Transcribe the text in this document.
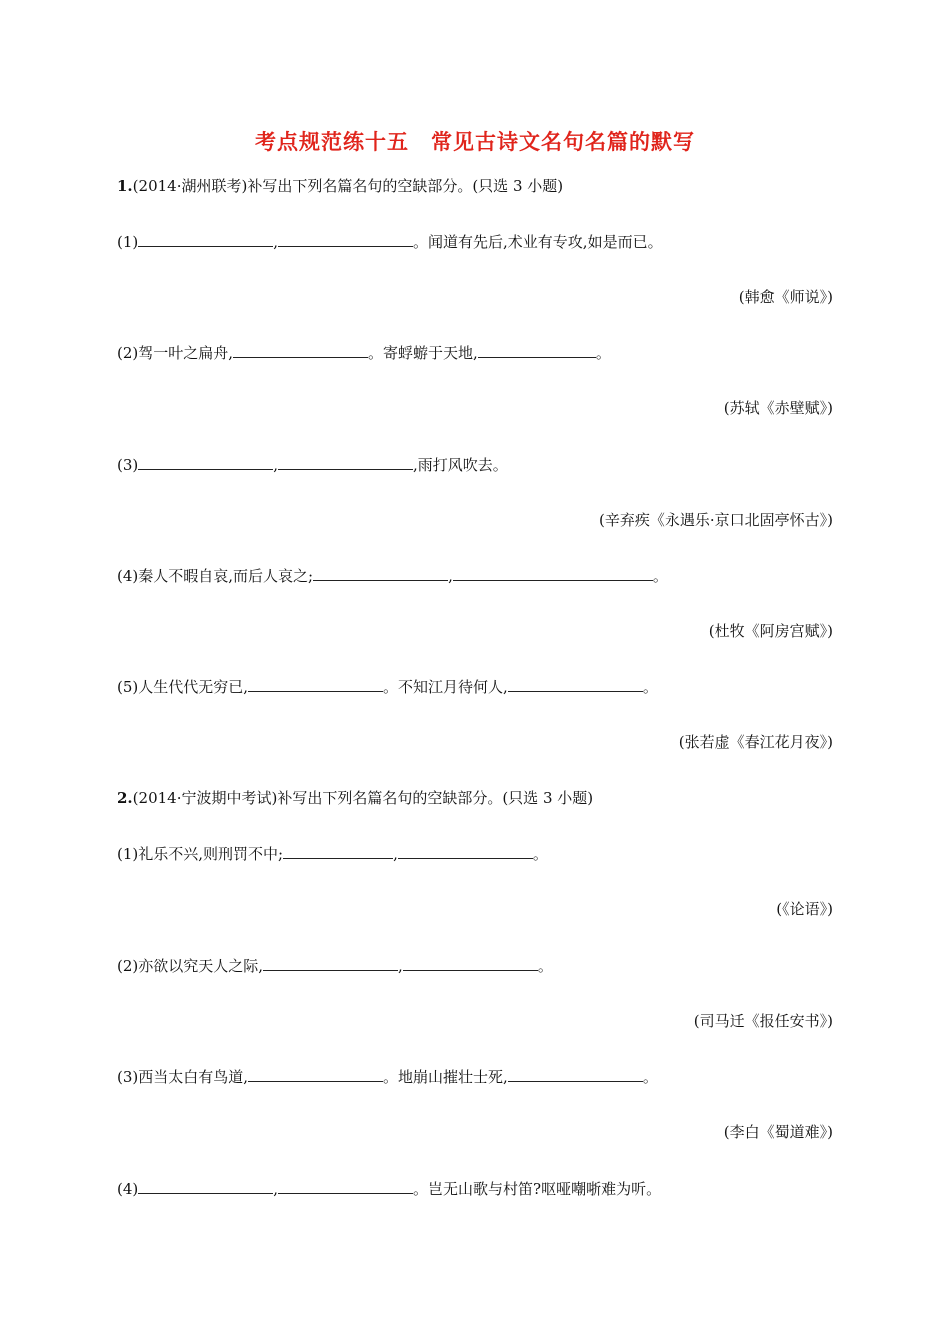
考点规范练十五　常见古诗文名句名篇的默写
1.(2014·湖州联考)补写出下列名篇名句的空缺部分。(只选 3 小题)
(1)	,	。闻道有先后,术业有专攻,如是而已。
(韩愈《师说》)
(2)驾一叶之扁舟,	。寄蜉蝣于天地,	。
(苏轼《赤壁赋》)
(3)	,	,雨打风吹去。
(辛弃疾《永遇乐·京口北固亭怀古》)
(4)秦人不暇自哀,而后人哀之;	,	。
(杜牧《阿房宫赋》)
(5)人生代代无穷已,	。不知江月待何人,	。
(张若虚《春江花月夜》)
2.(2014·宁波期中考试)补写出下列名篇名句的空缺部分。(只选 3 小题)
(1)礼乐不兴,则刑罚不中;	,	。
(《论语》)
(2)亦欲以究天人之际,	,	。
(司马迁《报任安书》)
(3)西当太白有鸟道,	。地崩山摧壮士死,	。
(李白《蜀道难》)
(4)	,	。岂无山歌与村笛?呕哑嘲哳难为听。
